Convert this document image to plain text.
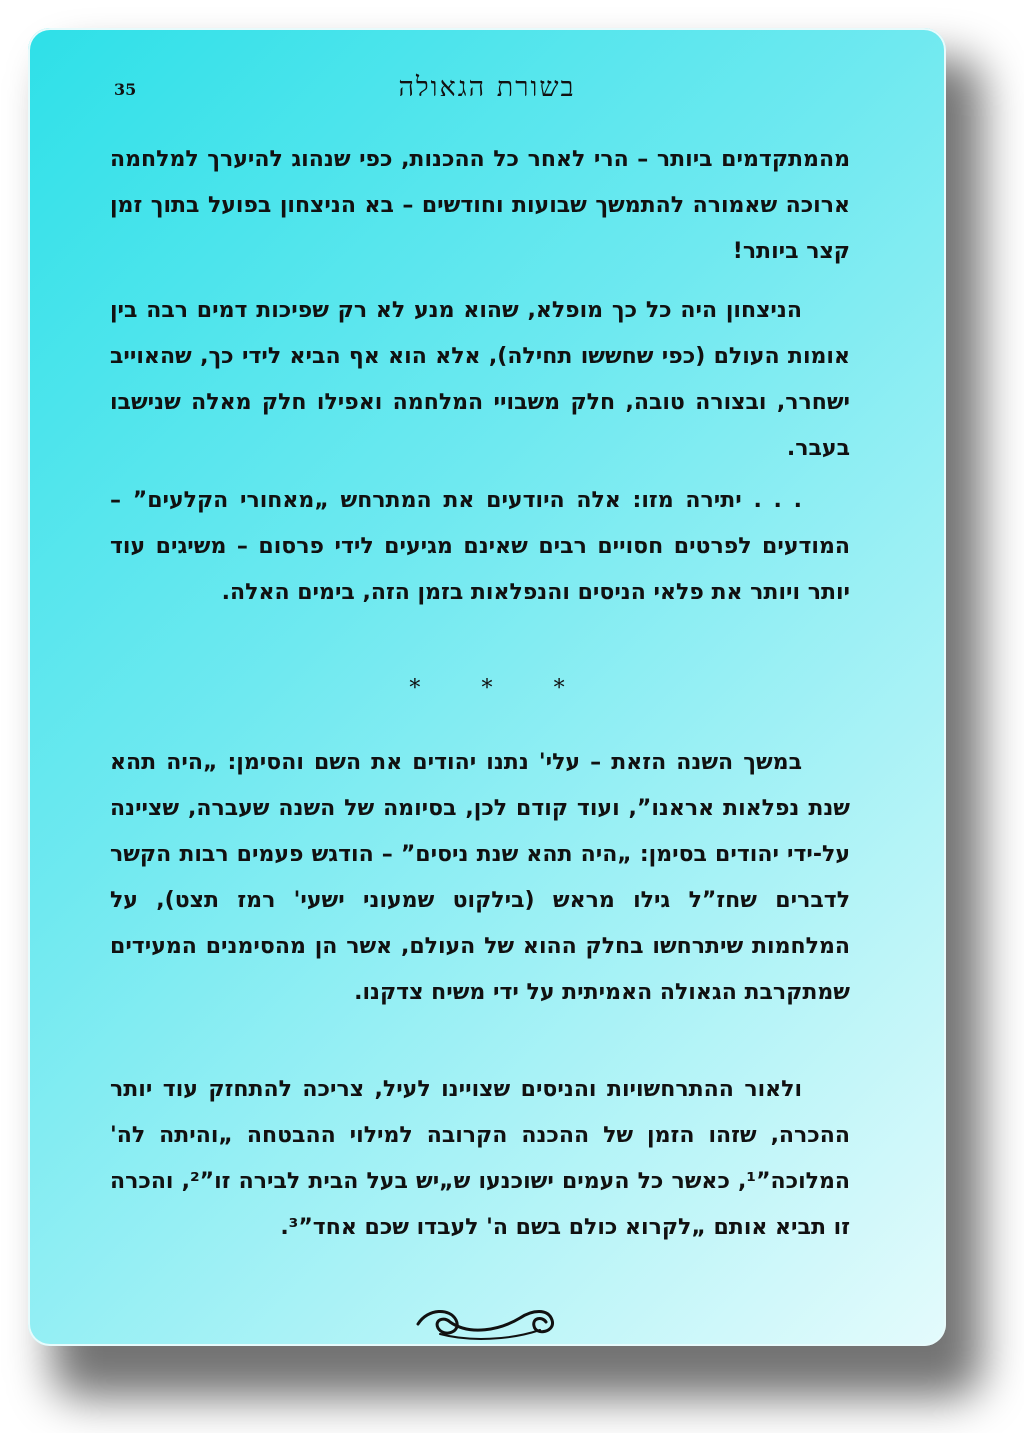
35	בשורת הגאולה

מהמתקדמים ביותר – הרי לאחר כל ההכנות, כפי שנהוג להיערך למלחמה ארוכה שאמורה להתמשך שבועות וחודשים – בא הניצחון בפועל בתוך זמן קצר ביותר!

הניצחון היה כל כך מופלא, שהוא מנע לא רק שפיכות דמים רבה בין אומות העולם (כפי שחששו תחילה), אלא הוא אף הביא לידי כך, שהאוייב ישחרר, ובצורה טובה, חלק משבויי המלחמה ואפילו חלק מאלה שנישבו בעבר.

. . . יתירה מזו: אלה היודעים את המתרחש „מאחורי הקלעים” – המודעים לפרטים חסויים רבים שאינם מגיעים לידי פרסום – משיגים עוד יותר ויותר את פלאי הניסים והנפלאות בזמן הזה, בימים האלה.

*	*	*

במשך השנה הזאת – עלי' נתנו יהודים את השם והסימן: „היה תהא שנת נפלאות אראנו”, ועוד קודם לכן, בסיומה של השנה שעברה, שציינה על-ידי יהודים בסימן: „היה תהא שנת ניסים” – הודגש פעמים רבות הקשר לדברים שחז”ל גילו מראש (בילקוט שמעוני ישעי' רמז תצט), על המלחמות שיתרחשו בחלק ההוא של העולם, אשר הן מהסימנים המעידים שמתקרבת הגאולה האמיתית על ידי משיח צדקנו.

ולאור ההתרחשויות והניסים שצויינו לעיל, צריכה להתחזק עוד יותר ההכרה, שזהו הזמן של ההכנה הקרובה למילוי ההבטחה „והיתה לה' המלוכה”¹, כאשר כל העמים ישוכנעו ש„יש בעל הבית לבירה זו”², והכרה זו תביא אותם „לקרוא כולם בשם ה' לעבדו שכם אחד”³.
